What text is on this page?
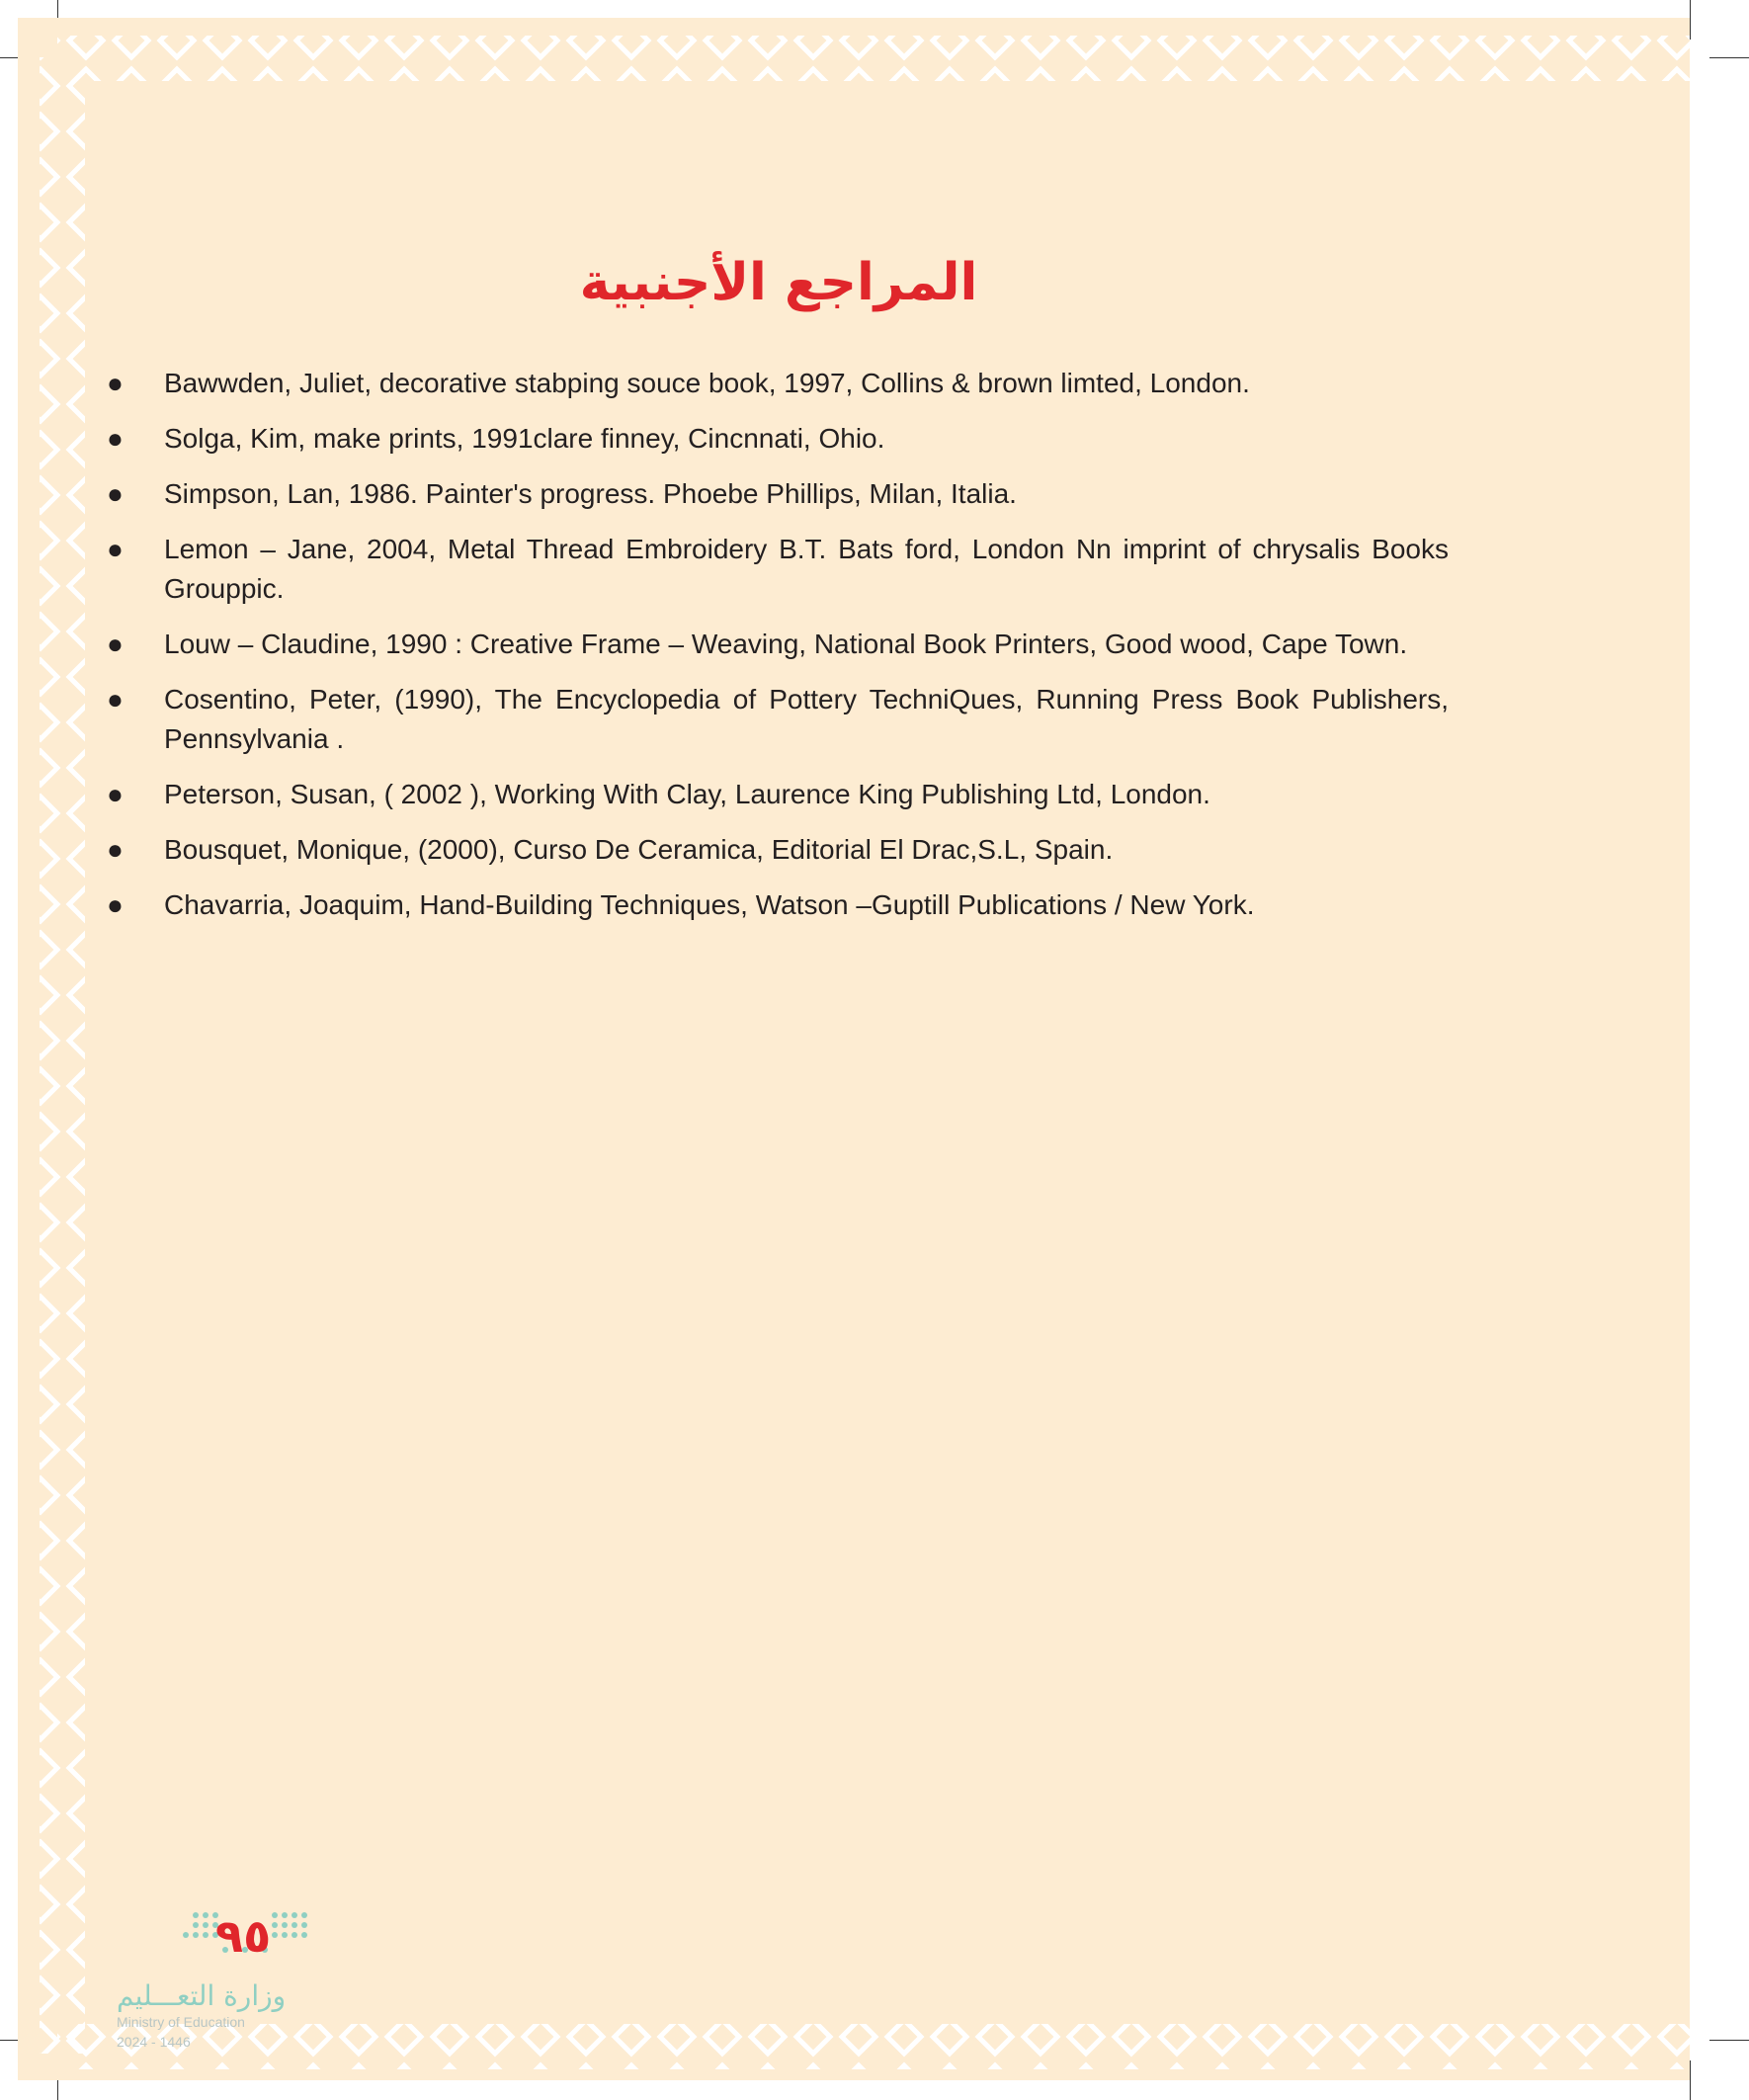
المراجع الأجنبية
● Bawwden, Juliet, decorative stabping souce book, 1997, Collins & brown limted, London.
● Solga, Kim, make prints, 1991clare finney, Cincnnati, Ohio.
● Simpson, Lan, 1986. Painter's progress. Phoebe Phillips, Milan, Italia.
● Lemon – Jane, 2004, Metal Thread Embroidery B.T. Bats ford, London Nn imprint of chrysalis Books Grouppic.
● Louw – Claudine, 1990 : Creative Frame – Weaving, National Book Printers, Good wood, Cape Town.
● Cosentino, Peter, (1990), The Encyclopedia of Pottery TechniQues, Running Press Book Publishers, Pennsylvania .
● Peterson, Susan, ( 2002 ), Working With Clay, Laurence King Publishing Ltd, London.
● Bousquet, Monique, (2000), Curso De Ceramica, Editorial El Drac,S.L, Spain.
● Chavarria, Joaquim, Hand-Building Techniques, Watson –Guptill Publications / New York.
٩٥
وزارة التعـــليم
Ministry of Education
2024 - 1446
